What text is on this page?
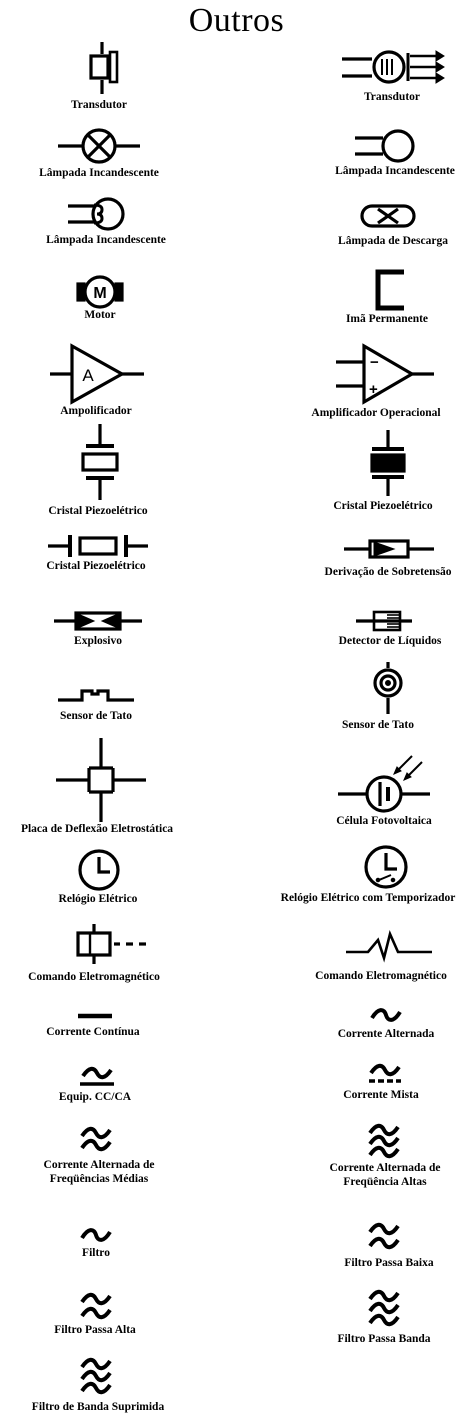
Outros
Transdutor
Transdutor
Lâmpada Incandescente	Lâmpada Incandescente
Lâmpada Incandescente	Lâmpada de Descarga
M
Motor	Imã Permanente
A
Ampolificador
−
+
Amplificador Operacional
Cristal Piezoelétrico	Cristal Piezoelétrico
Cristal Piezoelétrico	Derivação de Sobretensão
Explosivo	Detector de Líquidos
Sensor de Tato
Sensor de Tato
Placa de Deflexão Eletrostática
Célula Fotovoltaica
Relógio Elétrico	Relógio Elétrico com Temporizador
Comando Eletromagnético	Comando Eletromagnético
Corrente Contínua	Corrente Alternada
Equip. CC/CA	Corrente Mista
Corrente Alternada de
Freqüências Médias
Corrente Alternada de
Freqüência Altas
Filtro
Filtro Passa Baixa
Filtro Passa Alta
Filtro Passa Banda
Filtro de Banda Suprimida
